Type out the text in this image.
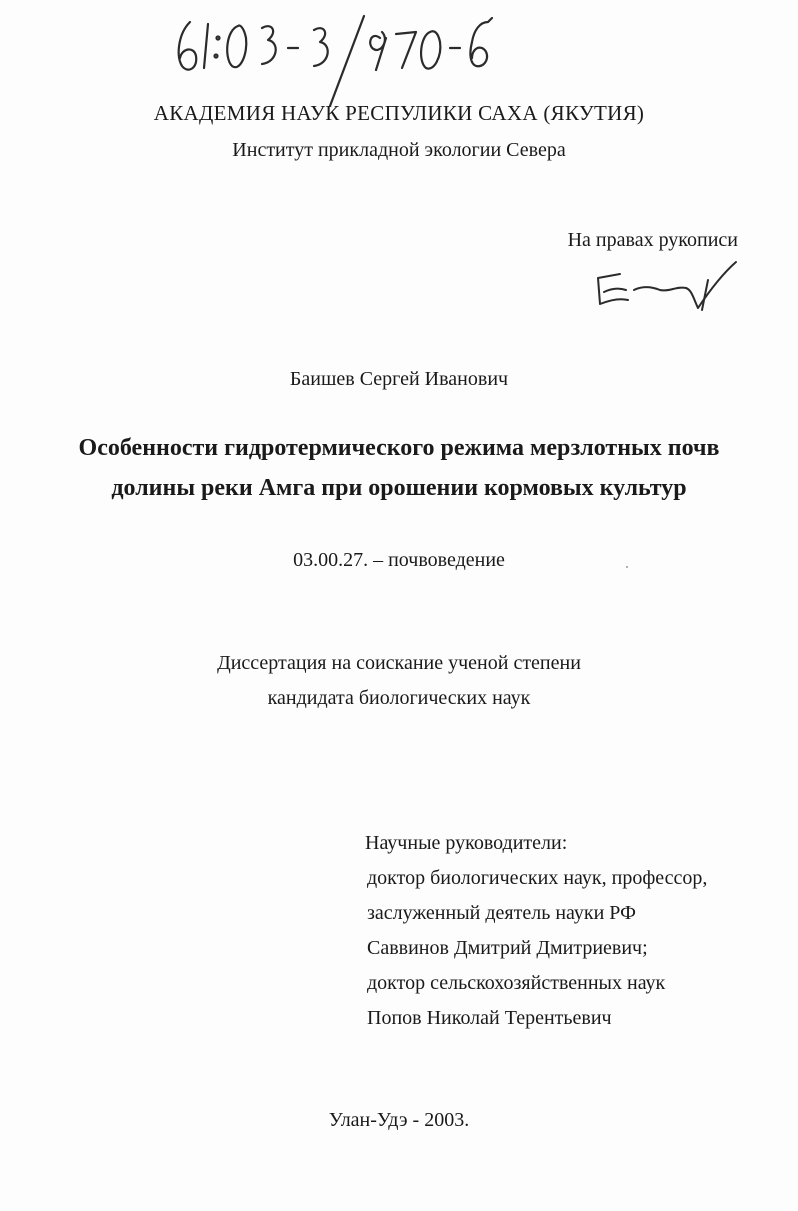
АКАДЕМИЯ НАУК РЕСПУЛИКИ САХА (ЯКУТИЯ)
Институт прикладной экологии Севера
На правах рукописи
Баишев Сергей Иванович
Особенности гидротермического режима мерзлотных почв
долины реки Амга при орошении кормовых культур
03.00.27. – почвоведение
Диссертация на соискание ученой степени
кандидата биологических наук
Научные руководители:
доктор биологических наук, профессор,
заслуженный деятель науки РФ
Саввинов Дмитрий Дмитриевич;
доктор сельскохозяйственных наук
Попов Николай Терентьевич
Улан-Удэ - 2003.
